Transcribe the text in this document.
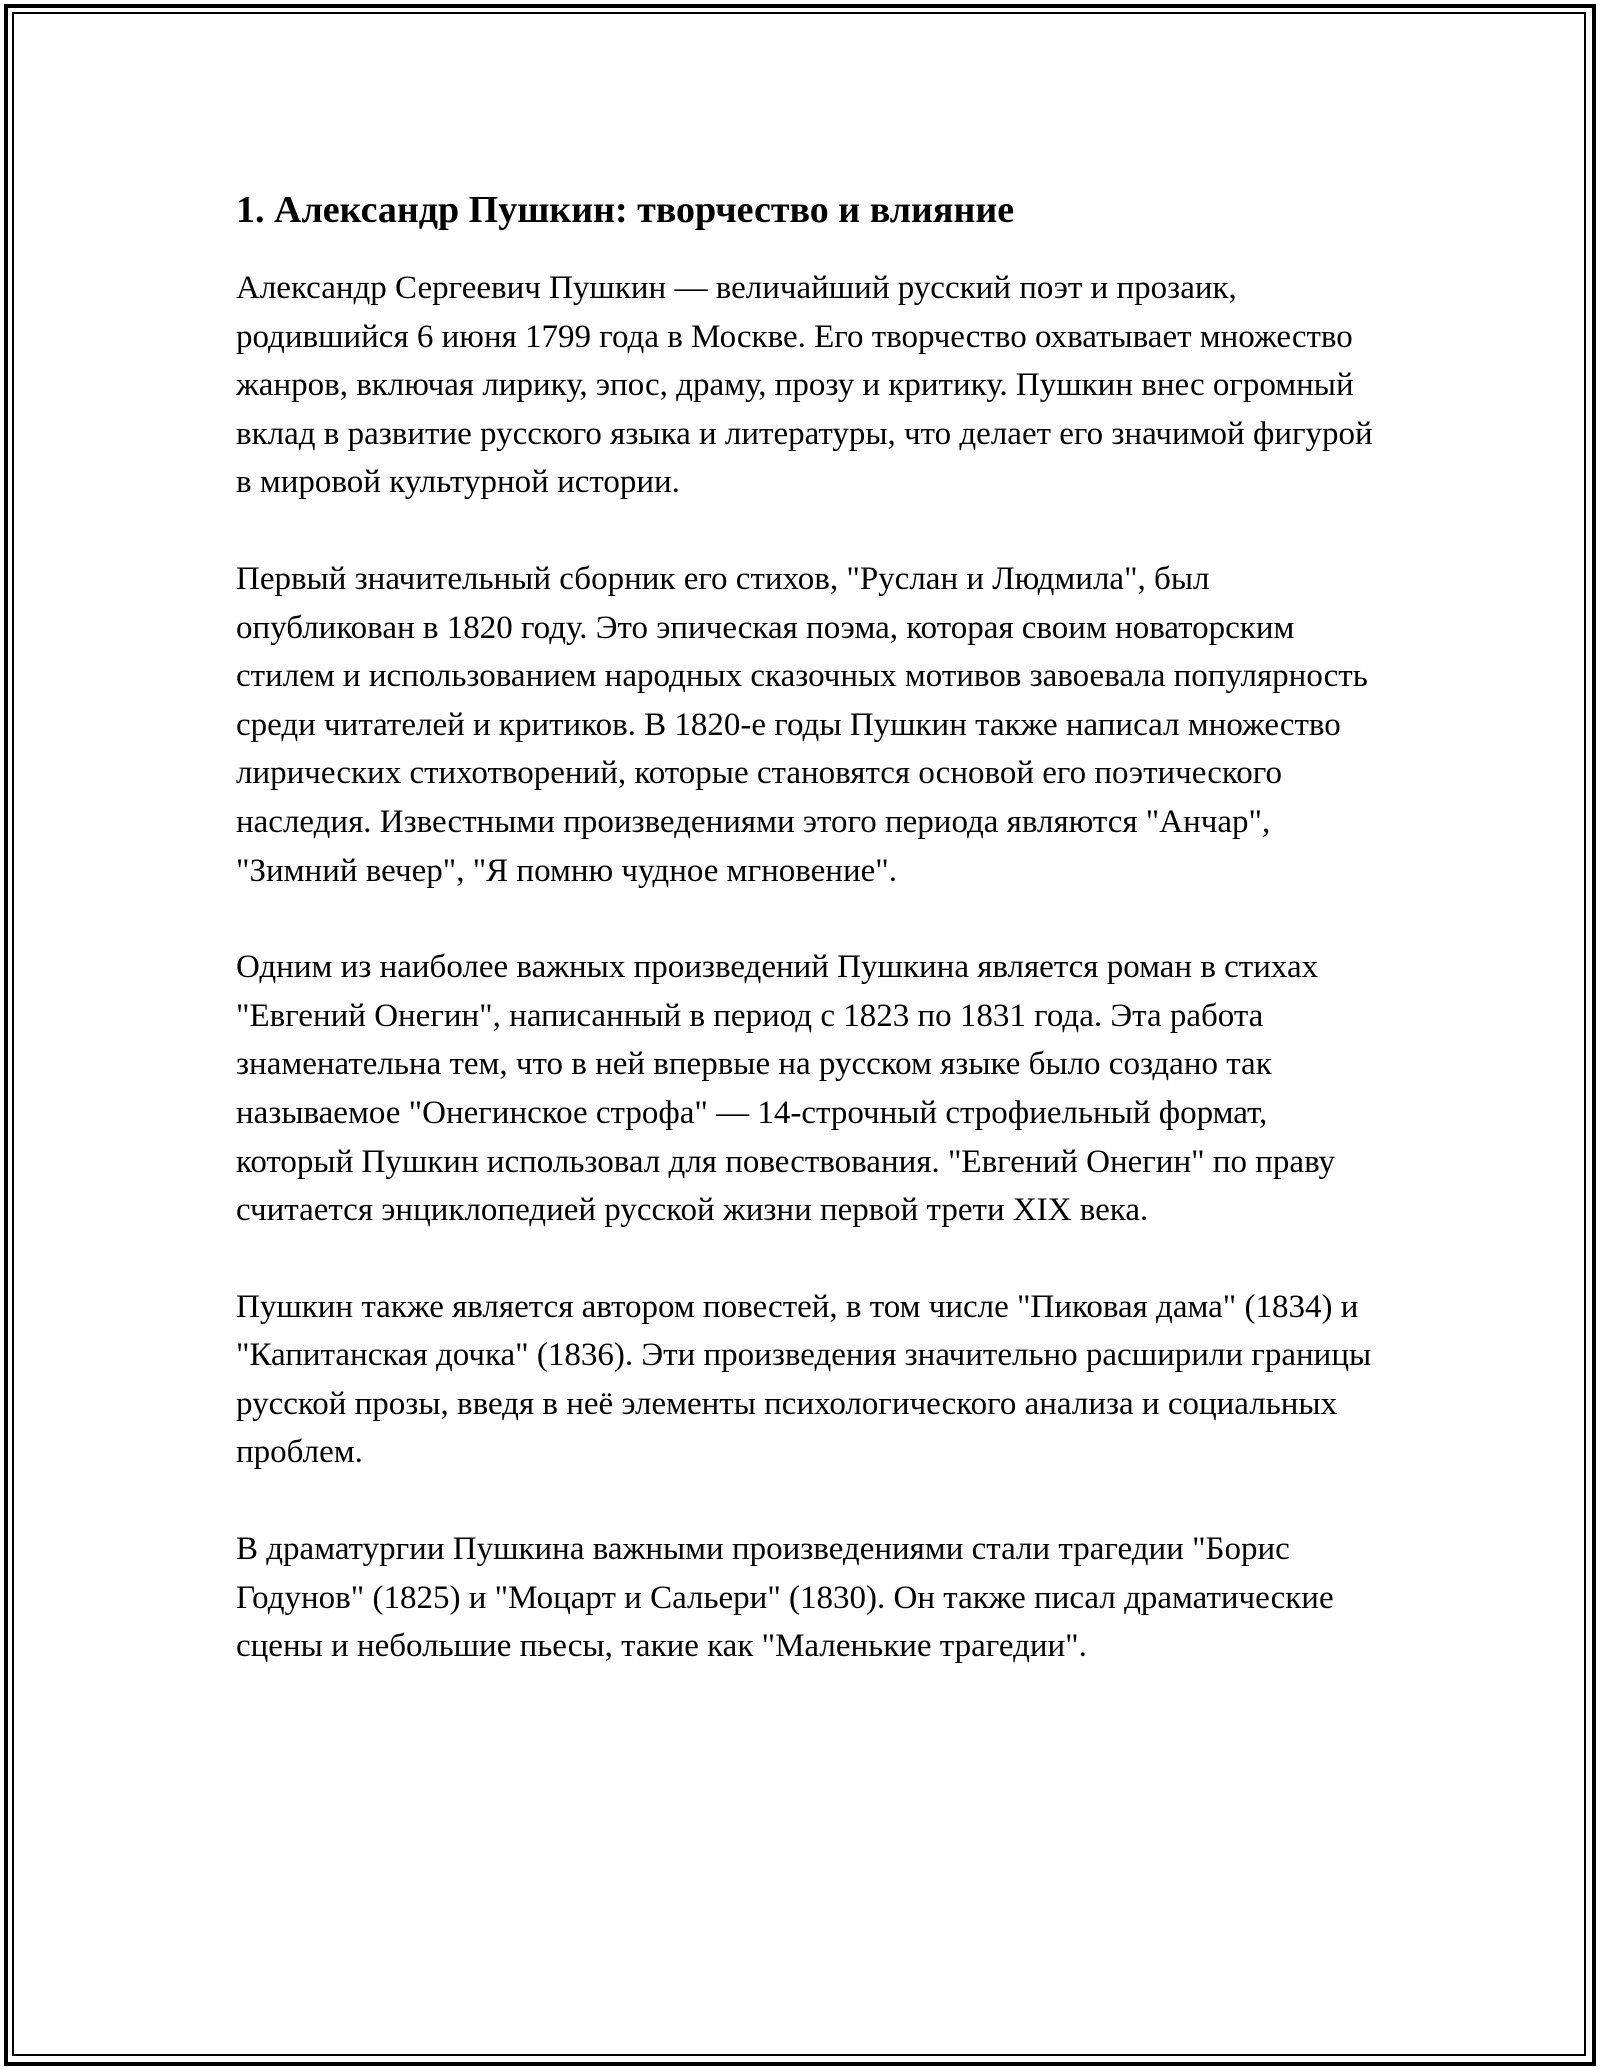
1. Александр Пушкин: творчество и влияние

Александр Сергеевич Пушкин — величайший русский поэт и прозаик, родившийся 6 июня 1799 года в Москве. Его творчество охватывает множество жанров, включая лирику, эпос, драму, прозу и критику. Пушкин внес огромный вклад в развитие русского языка и литературы, что делает его значимой фигурой в мировой культурной истории.

Первый значительный сборник его стихов, "Руслан и Людмила", был опубликован в 1820 году. Это эпическая поэма, которая своим новаторским стилем и использованием народных сказочных мотивов завоевала популярность среди читателей и критиков. В 1820-е годы Пушкин также написал множество лирических стихотворений, которые становятся основой его поэтического наследия. Известными произведениями этого периода являются "Анчар", "Зимний вечер", "Я помню чудное мгновение".

Одним из наиболее важных произведений Пушкина является роман в стихах "Евгений Онегин", написанный в период с 1823 по 1831 года. Эта работа знаменательна тем, что в ней впервые на русском языке было создано так называемое "Онегинское строфа" — 14-строчный строфиельный формат, который Пушкин использовал для повествования. "Евгений Онегин" по праву считается энциклопедией русской жизни первой трети XIX века.

Пушкин также является автором повестей, в том числе "Пиковая дама" (1834) и "Капитанская дочка" (1836). Эти произведения значительно расширили границы русской прозы, введя в неё элементы психологического анализа и социальных проблем.

В драматургии Пушкина важными произведениями стали трагедии "Борис Годунов" (1825) и "Моцарт и Сальери" (1830). Он также писал драматические сцены и небольшие пьесы, такие как "Маленькие трагедии".
